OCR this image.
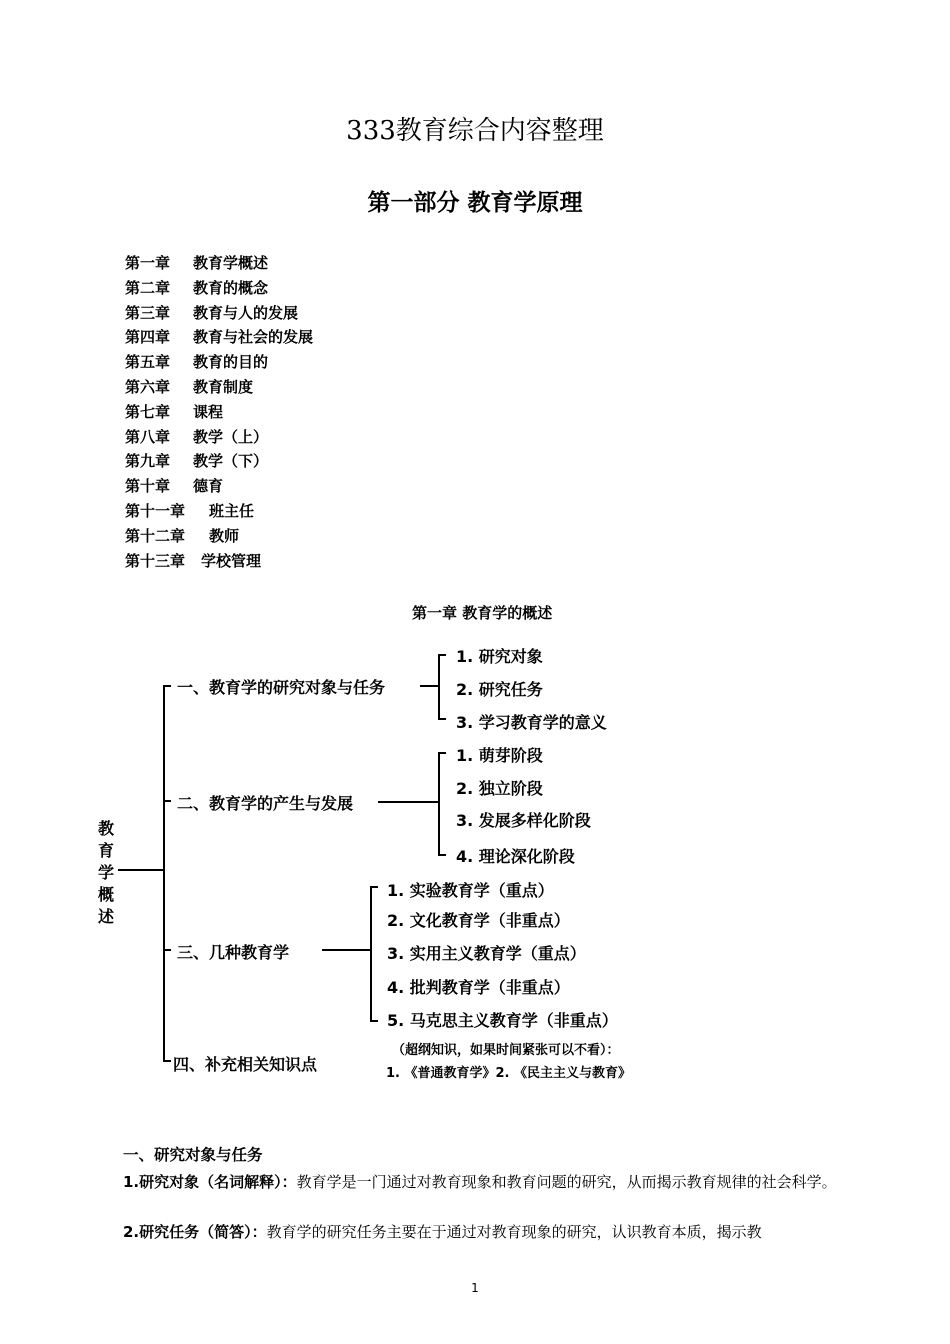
333教育综合内容整理
第一部分 教育学原理
第一章 教育学概述
第二章 教育的概念
第三章 教育与人的发展
第四章 教育与社会的发展
第五章 教育的目的
第六章 教育制度
第七章 课程
第八章 教学（上）
第九章 教学（下）
第十章 德育
第十一章 班主任
第十二章 教师
第十三章 学校管理
第一章 教育学的概述
教
育
学
概
述
一、教育学的研究对象与任务
1. 研究对象
2. 研究任务
3. 学习教育学的意义
二、教育学的产生与发展
1. 萌芽阶段
2. 独立阶段
3. 发展多样化阶段
4. 理论深化阶段
三、几种教育学
1. 实验教育学（重点）
2. 文化教育学（非重点）
3. 实用主义教育学（重点）
4. 批判教育学（非重点）
5. 马克思主义教育学（非重点）
四、补充相关知识点
（超纲知识，如果时间紧张可以不看）：
1. 《普通教育学》2. 《民主主义与教育》
一、研究对象与任务
1.研究对象（名词解释）：教育学是一门通过对教育现象和教育问题的研究，从而揭示教育规律的社会科学。
2.研究任务（简答）：教育学的研究任务主要在于通过对教育现象的研究，认识教育本质，揭示教
1
